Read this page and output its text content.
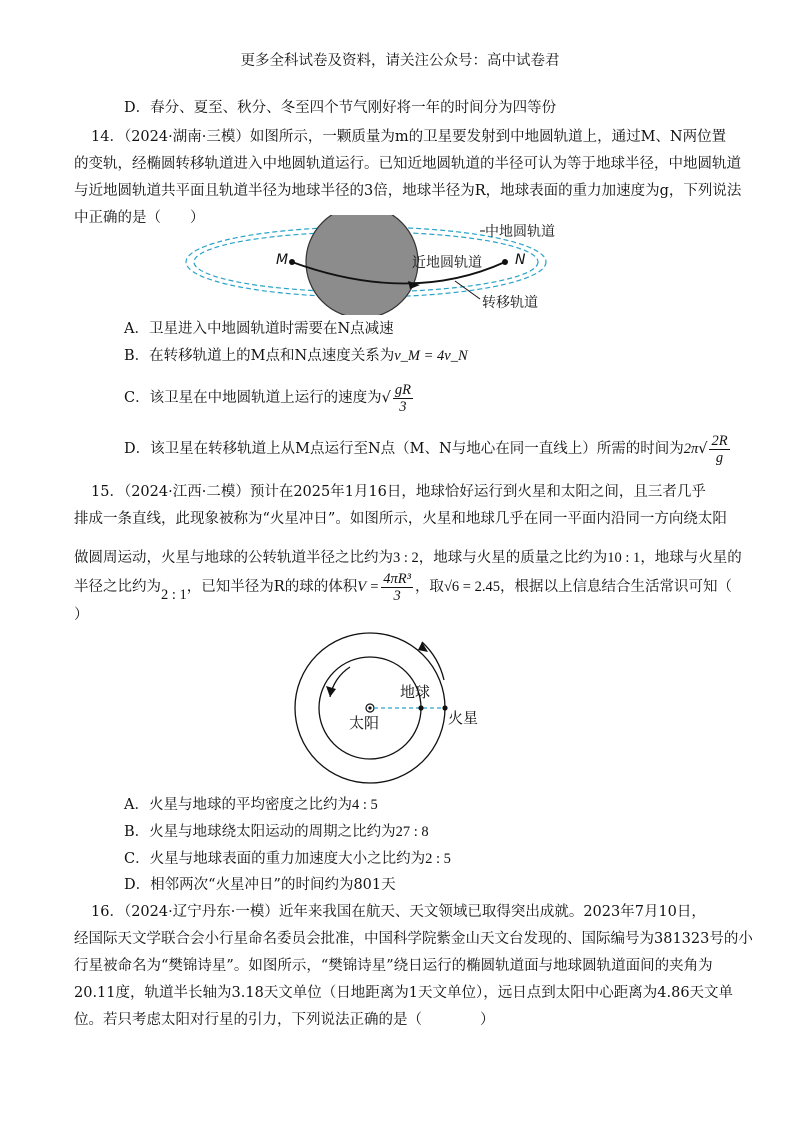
更多全科试卷及资料，请关注公众号：高中试卷君
D．春分、夏至、秋分、冬至四个节气刚好将一年的时间分为四等份
14．（2024·湖南·三模）如图所示，一颗质量为m的卫星要发射到中地圆轨道上，通过M、N两位置
的变轨，经椭圆转移轨道进入中地圆轨道运行。已知近地圆轨道的半径可认为等于地球半径，中地圆轨道
与近地圆轨道共平面且轨道半径为地球半径的3倍，地球半径为R，地球表面的重力加速度为g，下列说法
中正确的是（　　）
中地圆轨道
近地圆轨道
转移轨道
M	N
A．卫星进入中地圆轨道时需要在N点减速
B．在转移轨道上的M点和N点速度关系为v_M = 4v_N
C．该卫星在中地圆轨道上运行的速度为√ $\frac{gR}{3}$
D．该卫星在转移轨道上从M点运行至N点（M、N与地心在同一直线上）所需的时间为$2\pi√ \frac{2R}{g}$
15．（2024·江西·二模）预计在2025年1月16日，地球恰好运行到火星和太阳之间，且三者几乎
排成一条直线，此现象被称为“火星冲日”。如图所示，火星和地球几乎在同一平面内沿同一方向绕太阳
做圆周运动，火星与地球的公转轨道半径之比约为3 : 2，地球与火星的质量之比约为10 : 1，地球与火星的
半径之比约为2 : 1，已知半径为R的球的体积$V = \frac{\text{4πR³}}{3}$ ，取√6 = 2.45，根据以上信息结合生活常识可知（
）
太阳
地球
火星
A．火星与地球的平均密度之比约为4 : 5
B．火星与地球绕太阳运动的周期之比约为27 : 8
C．火星与地球表面的重力加速度大小之比约为2 : 5
D．相邻两次“火星冲日”的时间约为801天
16．（2024·辽宁丹东·一模）近年来我国在航天、天文领域已取得突出成就。2023年7月10日，
经国际天文学联合会小行星命名委员会批准，中国科学院紫金山天文台发现的、国际编号为381323号的小
行星被命名为“樊锦诗星”。如图所示，“樊锦诗星”绕日运行的椭圆轨道面与地球圆轨道面间的夹角为
20.11度，轨道半长轴为3.18天文单位（日地距离为1天文单位），远日点到太阳中心距离为4.86天文单
位。若只考虑太阳对行星的引力，下列说法正确的是（　　　　）
